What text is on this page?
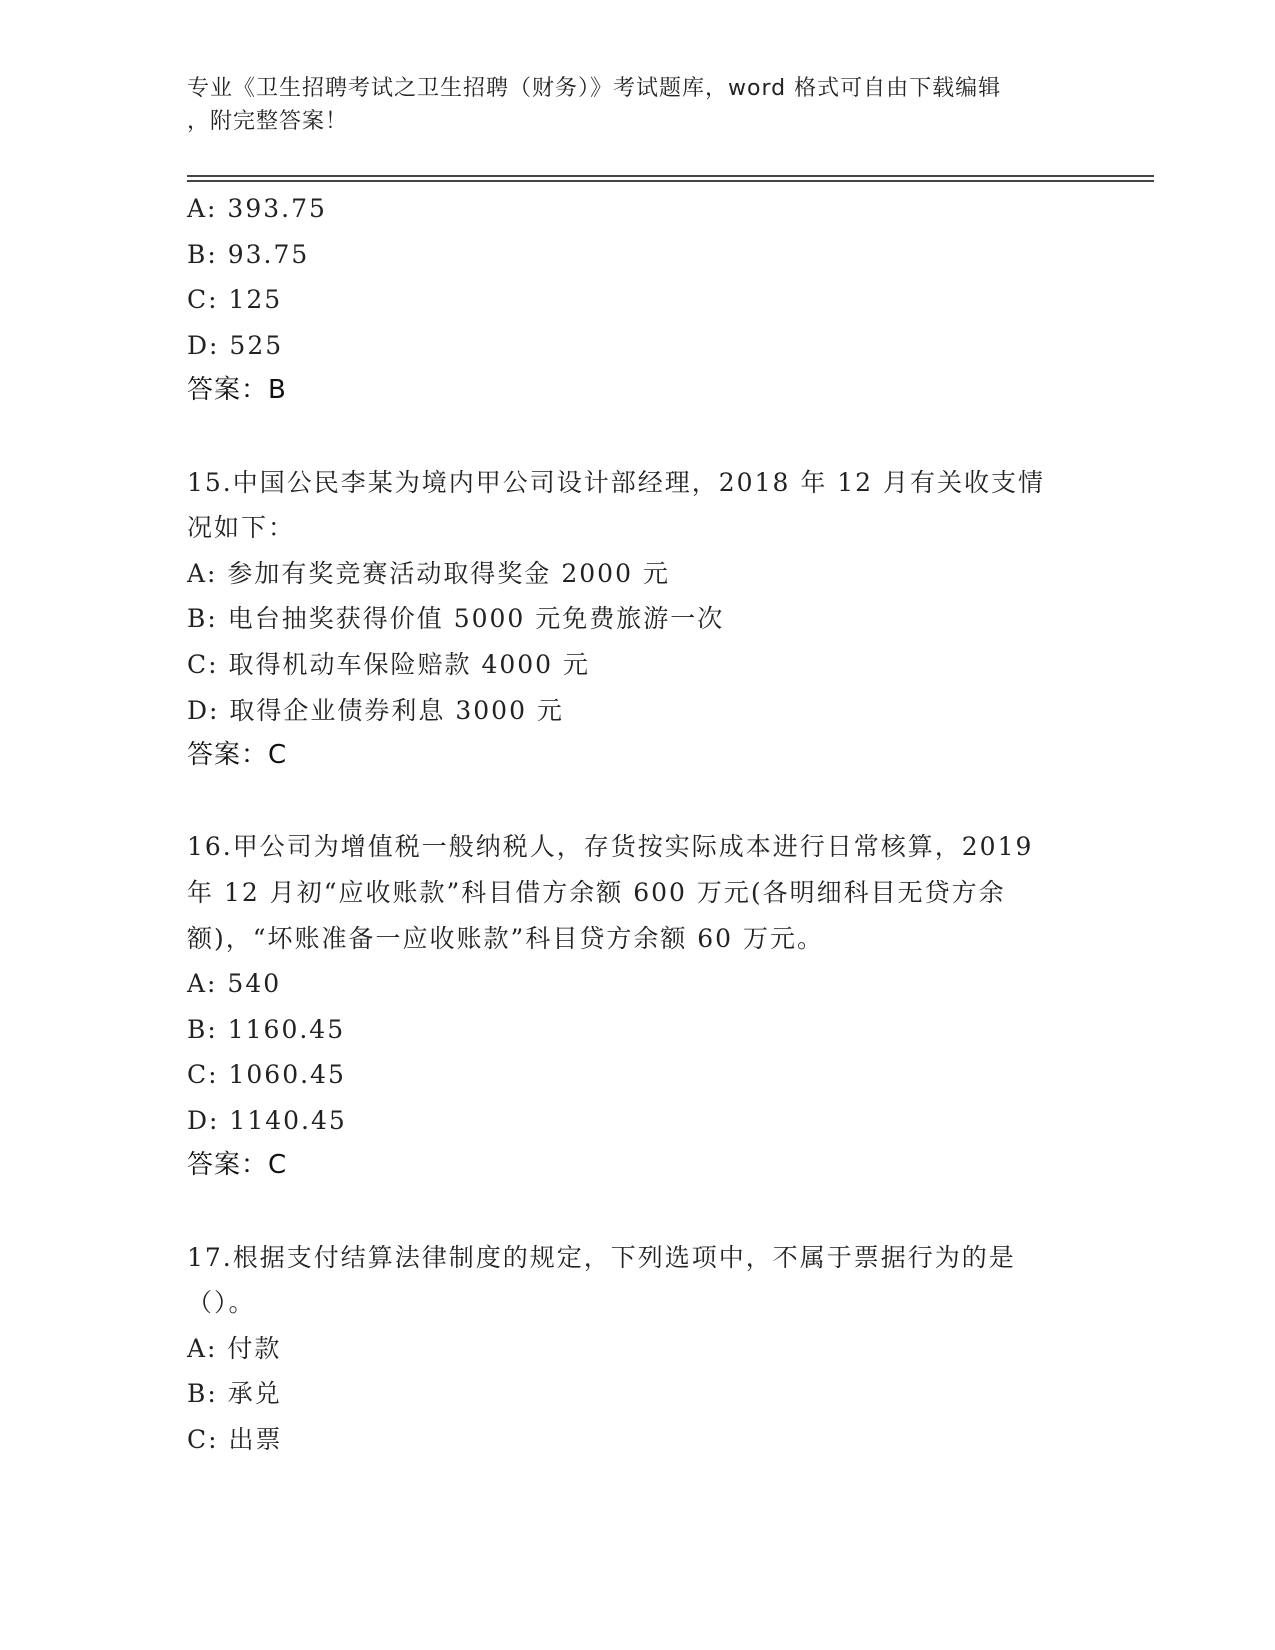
专业《卫生招聘考试之卫生招聘（财务）》考试题库，word 格式可自由下载编辑
，附完整答案！
A: 393.75
B: 93.75
C: 125
D: 525
答案：B
15.中国公民李某为境内甲公司设计部经理，2018 年 12 月有关收支情
况如下：
A: 参加有奖竞赛活动取得奖金 2000 元
B: 电台抽奖获得价值 5000 元免费旅游一次
C: 取得机动车保险赔款 4000 元
D: 取得企业债券利息 3000 元
答案：C
16.甲公司为增值税一般纳税人，存货按实际成本进行日常核算，2019
年 12 月初“应收账款”科目借方余额 600 万元(各明细科目无贷方余
额)，“坏账准备一应收账款”科目贷方余额 60 万元。
A: 540
B: 1160.45
C: 1060.45
D: 1140.45
答案：C
17.根据支付结算法律制度的规定，下列选项中，不属于票据行为的是
（）。
A: 付款
B: 承兑
C: 出票
